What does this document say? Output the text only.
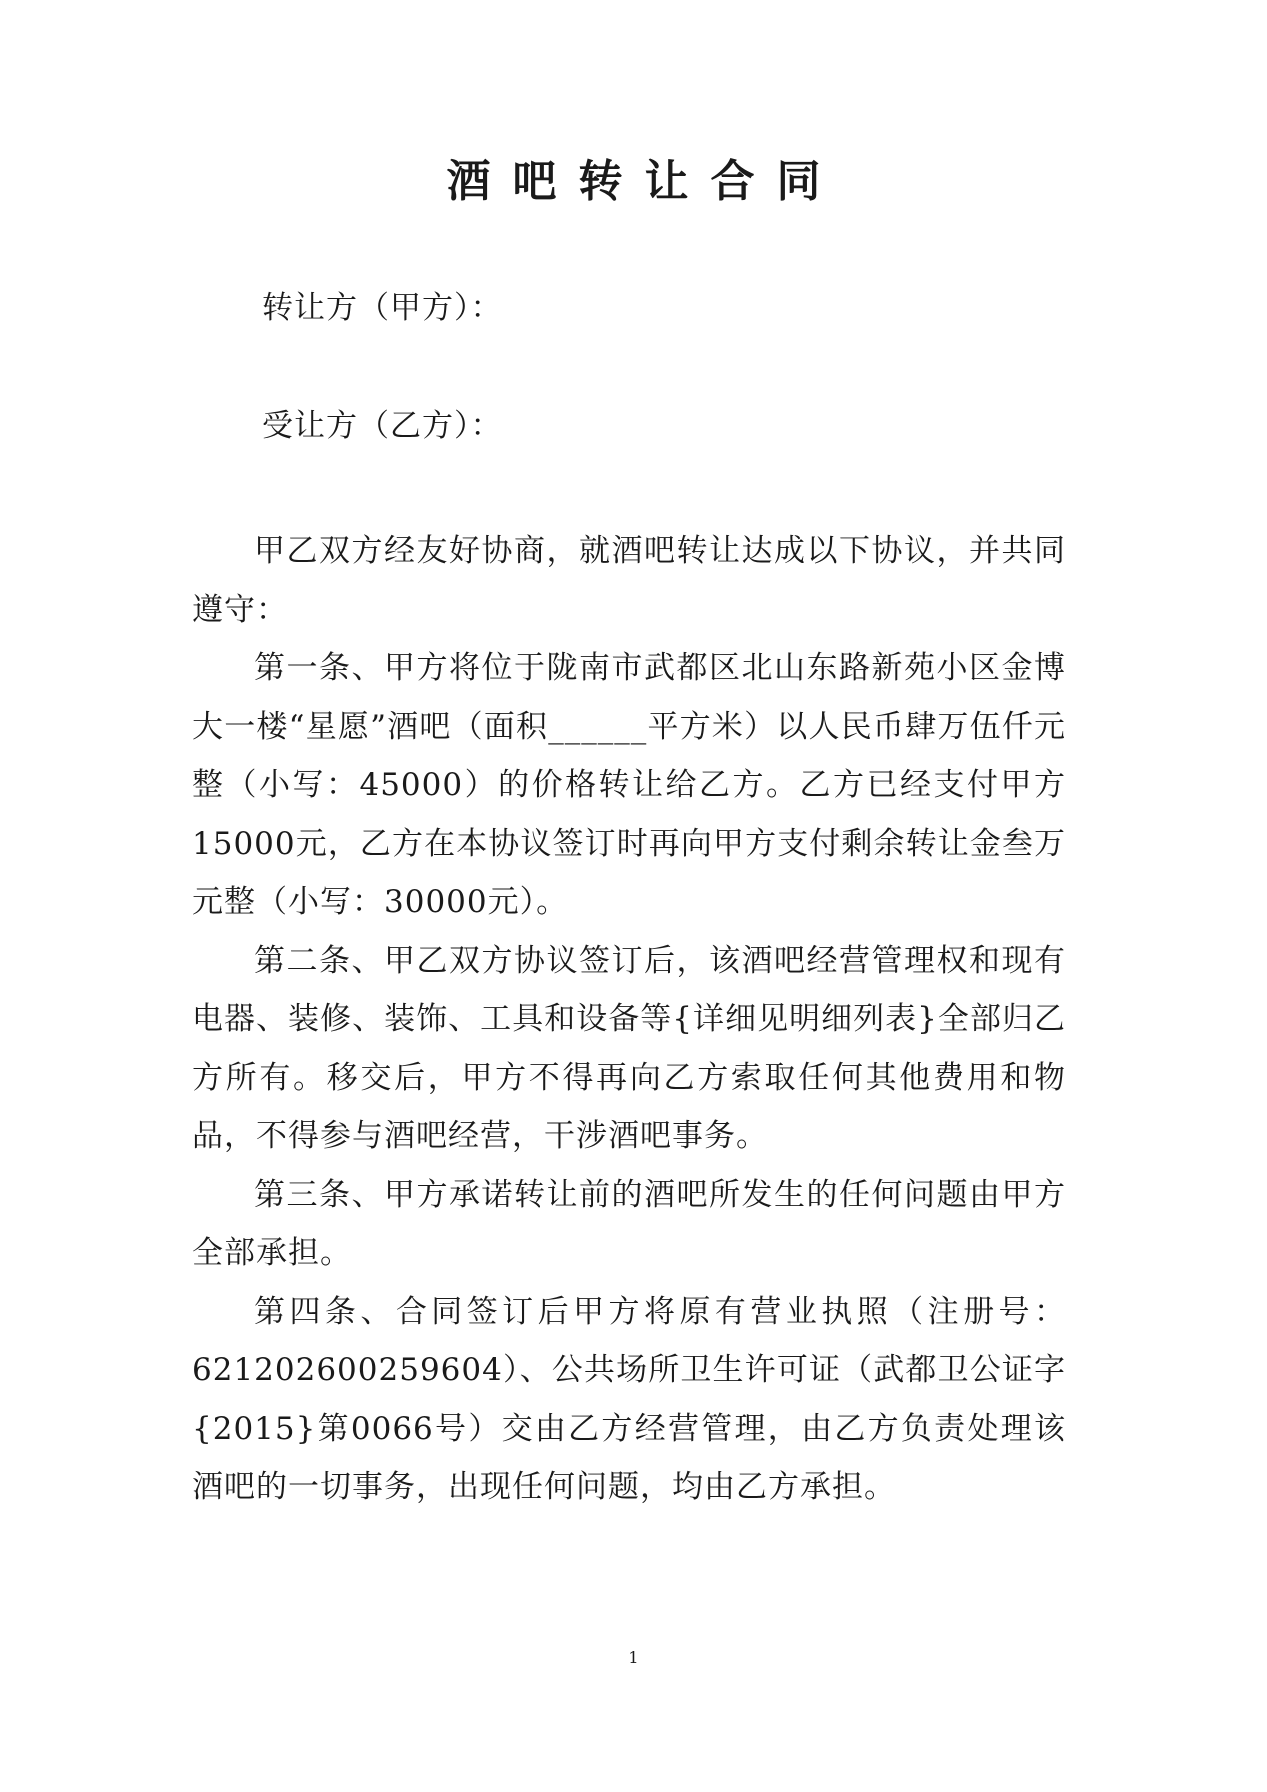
酒吧转让合同
转让方（甲方）：
受让方（乙方）：

甲乙双方经友好协商，就酒吧转让达成以下协议，并共同遵守：

第一条、甲方将位于陇南市武都区北山东路新苑小区金博大一楼“星愿”酒吧（面积______平方米）以人民币肆万伍仟元整（小写：45000）的价格转让给乙方。乙方已经支付甲方15000元，乙方在本协议签订时再向甲方支付剩余转让金叁万元整（小写：30000元）。

第二条、甲乙双方协议签订后，该酒吧经营管理权和现有电器、装修、装饰、工具和设备等{详细见明细列表}全部归乙方所有。移交后，甲方不得再向乙方索取任何其他费用和物品，不得参与酒吧经营，干涉酒吧事务。

第三条、甲方承诺转让前的酒吧所发生的任何问题由甲方全部承担。

第四条、合同签订后甲方将原有营业执照（注册号：621202600259604）、公共场所卫生许可证（武都卫公证字{2015}第0066号）交由乙方经营管理，由乙方负责处理该酒吧的一切事务，出现任何问题，均由乙方承担。

1
